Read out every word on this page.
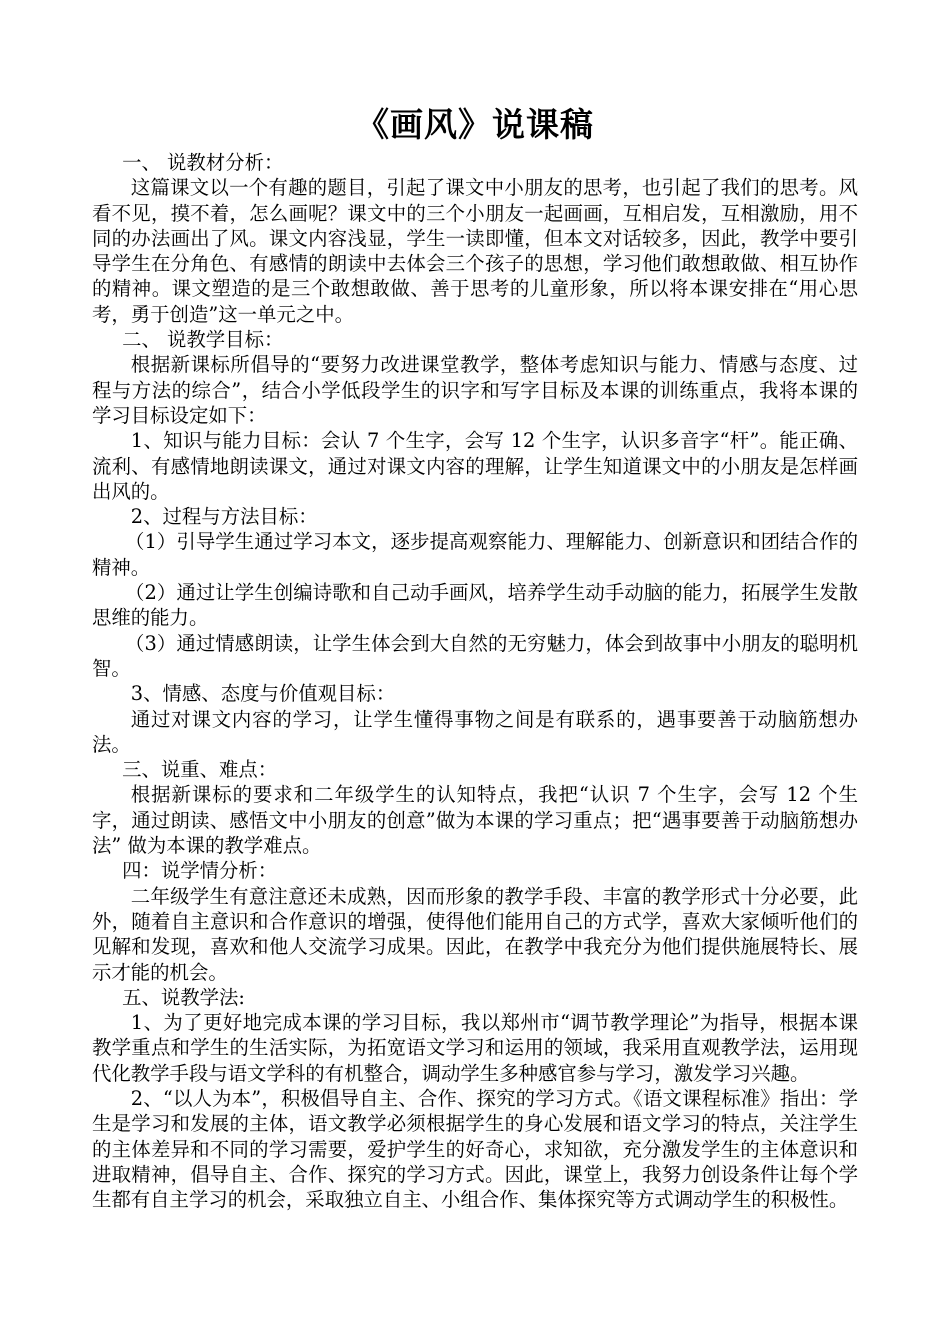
《画风》说课稿

一、 说教材分析：

这篇课文以一个有趣的题目，引起了课文中小朋友的思考，也引起了我们的思考。风看不见，摸不着，怎么画呢？课文中的三个小朋友一起画画，互相启发，互相激励，用不同的办法画出了风。课文内容浅显，学生一读即懂，但本文对话较多，因此，教学中要引导学生在分角色、有感情的朗读中去体会三个孩子的思想，学习他们敢想敢做、相互协作的精神。课文塑造的是三个敢想敢做、善于思考的儿童形象，所以将本课安排在“用心思考，勇于创造”这一单元之中。

二、 说教学目标：

根据新课标所倡导的“要努力改进课堂教学，整体考虑知识与能力、情感与态度、过程与方法的综合”，结合小学低段学生的识字和写字目标及本课的训练重点，我将本课的学习目标设定如下：

1、知识与能力目标：会认 7 个生字，会写 12 个生字，认识多音字“杆”。能正确、流利、有感情地朗读课文，通过对课文内容的理解，让学生知道课文中的小朋友是怎样画出风的。

2、过程与方法目标：

（1）引导学生通过学习本文，逐步提高观察能力、理解能力、创新意识和团结合作的精神。

（2）通过让学生创编诗歌和自己动手画风，培养学生动手动脑的能力，拓展学生发散思维的能力。

（3）通过情感朗读，让学生体会到大自然的无穷魅力，体会到故事中小朋友的聪明机智。

3、情感、态度与价值观目标：

通过对课文内容的学习，让学生懂得事物之间是有联系的，遇事要善于动脑筋想办法。

三、说重、难点：

根据新课标的要求和二年级学生的认知特点，我把“认识 7 个生字，会写 12 个生字，通过朗读、感悟文中小朋友的创意”做为本课的学习重点；把“遇事要善于动脑筋想办法” 做为本课的教学难点。

四：说学情分析：

二年级学生有意注意还未成熟，因而形象的教学手段、丰富的教学形式十分必要，此外，随着自主意识和合作意识的增强，使得他们能用自己的方式学，喜欢大家倾听他们的见解和发现，喜欢和他人交流学习成果。因此，在教学中我充分为他们提供施展特长、展示才能的机会。

五、说教学法:

1、为了更好地完成本课的学习目标，我以郑州市“调节教学理论”为指导，根据本课教学重点和学生的生活实际，为拓宽语文学习和运用的领域，我采用直观教学法，运用现代化教学手段与语文学科的有机整合，调动学生多种感官参与学习，激发学习兴趣。

2、“以人为本”，积极倡导自主、合作、探究的学习方式。《语文课程标准》指出：学生是学习和发展的主体，语文教学必须根据学生的身心发展和语文学习的特点，关注学生的主体差异和不同的学习需要，爱护学生的好奇心，求知欲，充分激发学生的主体意识和进取精神，倡导自主、合作、探究的学习方式。因此，课堂上，我努力创设条件让每个学生都有自主学习的机会，采取独立自主、小组合作、集体探究等方式调动学生的积极性。
